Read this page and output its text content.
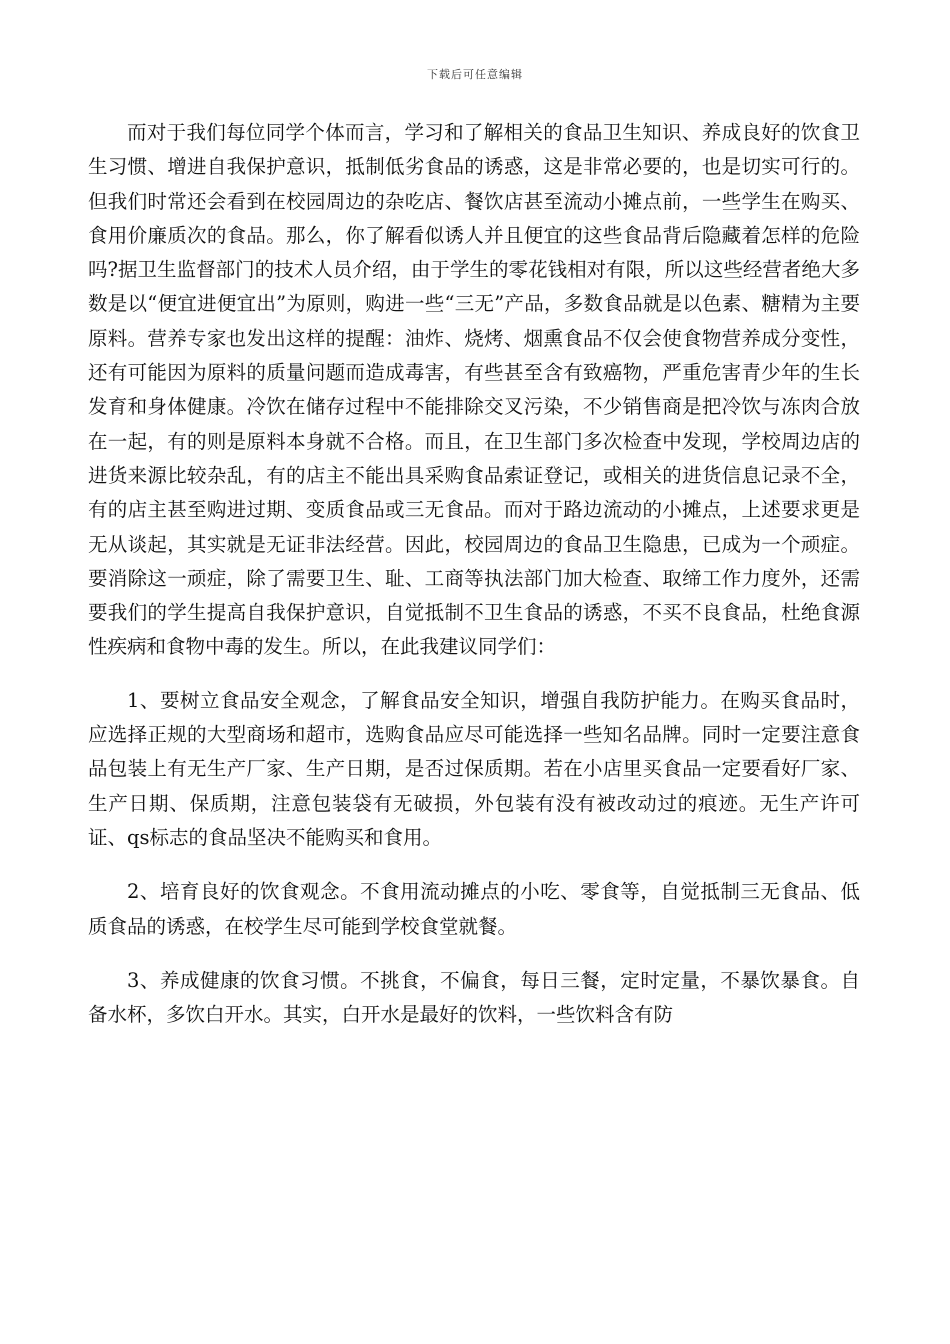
下载后可任意编辑

而对于我们每位同学个体而言，学习和了解相关的食品卫生知识、养成良好的饮食卫生习惯、增进自我保护意识，抵制低劣食品的诱惑，这是非常必要的，也是切实可行的。但我们时常还会看到在校园周边的杂吃店、餐饮店甚至流动小摊点前，一些学生在购买、食用价廉质次的食品。那么，你了解看似诱人并且便宜的这些食品背后隐藏着怎样的危险吗?据卫生监督部门的技术人员介绍，由于学生的零花钱相对有限，所以这些经营者绝大多数是以“便宜进便宜出”为原则，购进一些“三无”产品，多数食品就是以色素、糖精为主要原料。营养专家也发出这样的提醒：油炸、烧烤、烟熏食品不仅会使食物营养成分变性，还有可能因为原料的质量问题而造成毒害，有些甚至含有致癌物，严重危害青少年的生长发育和身体健康。冷饮在储存过程中不能排除交叉污染，不少销售商是把冷饮与冻肉合放在一起，有的则是原料本身就不合格。而且，在卫生部门多次检查中发现，学校周边店的进货来源比较杂乱，有的店主不能出具采购食品索证登记，或相关的进货信息记录不全，有的店主甚至购进过期、变质食品或三无食品。而对于路边流动的小摊点，上述要求更是无从谈起，其实就是无证非法经营。因此，校园周边的食品卫生隐患，已成为一个顽症。要消除这一顽症，除了需要卫生、耻、工商等执法部门加大检查、取缔工作力度外，还需要我们的学生提高自我保护意识，自觉抵制不卫生食品的诱惑，不买不良食品，杜绝食源性疾病和食物中毒的发生。所以，在此我建议同学们：

1、要树立食品安全观念，了解食品安全知识，增强自我防护能力。在购买食品时，应选择正规的大型商场和超市，选购食品应尽可能选择一些知名品牌。同时一定要注意食品包装上有无生产厂家、生产日期，是否过保质期。若在小店里买食品一定要看好厂家、生产日期、保质期，注意包装袋有无破损，外包装有没有被改动过的痕迹。无生产许可证、qs标志的食品坚决不能购买和食用。

2、培育良好的饮食观念。不食用流动摊点的小吃、零食等，自觉抵制三无食品、低质食品的诱惑，在校学生尽可能到学校食堂就餐。

3、养成健康的饮食习惯。不挑食，不偏食，每日三餐，定时定量，不暴饮暴食。自备水杯，多饮白开水。其实，白开水是最好的饮料，一些饮料含有防
